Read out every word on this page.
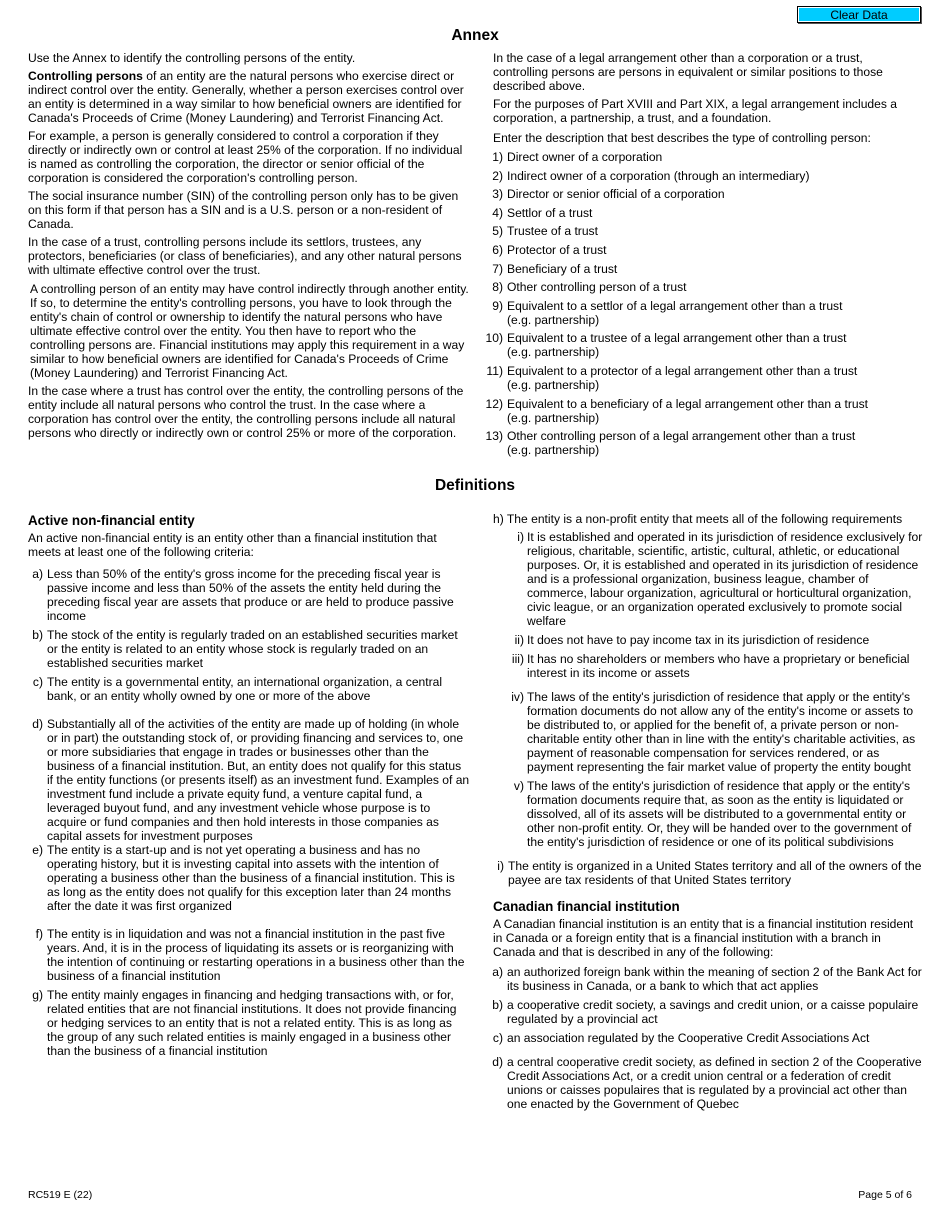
Clear Data
Annex

Use the Annex to identify the controlling persons of the entity.

Controlling persons of an entity are the natural persons who exercise direct or indirect control over the entity. Generally, whether a person exercises control over an entity is determined in a way similar to how beneficial owners are identified for Canada's Proceeds of Crime (Money Laundering) and Terrorist Financing Act.

For example, a person is generally considered to control a corporation if they directly or indirectly own or control at least 25% of the corporation. If no individual is named as controlling the corporation, the director or senior official of the corporation is considered the corporation's controlling person.

The social insurance number (SIN) of the controlling person only has to be given on this form if that person has a SIN and is a U.S. person or a non-resident of Canada.

In the case of a trust, controlling persons include its settlors, trustees, any protectors, beneficiaries (or class of beneficiaries), and any other natural persons with ultimate effective control over the trust.

A controlling person of an entity may have control indirectly through another entity. If so, to determine the entity's controlling persons, you have to look through the entity's chain of control or ownership to identify the natural persons who have ultimate effective control over the entity. You then have to report who the controlling persons are. Financial institutions may apply this requirement in a way similar to how beneficial owners are identified for Canada's Proceeds of Crime (Money Laundering) and Terrorist Financing Act.

In the case where a trust has control over the entity, the controlling persons of the entity include all natural persons who control the trust. In the case where a corporation has control over the entity, the controlling persons include all natural persons who directly or indirectly own or control 25% or more of the corporation.

In the case of a legal arrangement other than a corporation or a trust, controlling persons are persons in equivalent or similar positions to those described above.

For the purposes of Part XVIII and Part XIX, a legal arrangement includes a corporation, a partnership, a trust, and a foundation.

Enter the description that best describes the type of controlling person:

1) Direct owner of a corporation
2) Indirect owner of a corporation (through an intermediary)
3) Director or senior official of a corporation
4) Settlor of a trust
5) Trustee of a trust
6) Protector of a trust
7) Beneficiary of a trust
8) Other controlling person of a trust
9) Equivalent to a settlor of a legal arrangement other than a trust
(e.g. partnership)
10) Equivalent to a trustee of a legal arrangement other than a trust
(e.g. partnership)
11) Equivalent to a protector of a legal arrangement other than a trust
(e.g. partnership)
12) Equivalent to a beneficiary of a legal arrangement other than a trust
(e.g. partnership)
13) Other controlling person of a legal arrangement other than a trust
(e.g. partnership)
Definitions
Active non-financial entity

An active non-financial entity is an entity other than a financial institution that meets at least one of the following criteria:

a) Less than 50% of the entity's gross income for the preceding fiscal year is passive income and less than 50% of the assets the entity held during the preceding fiscal year are assets that produce or are held to produce passive income
b) The stock of the entity is regularly traded on an established securities market or the entity is related to an entity whose stock is regularly traded on an established securities market
c) The entity is a governmental entity, an international organization, a central bank, or an entity wholly owned by one or more of the above
d) Substantially all of the activities of the entity are made up of holding (in whole or in part) the outstanding stock of, or providing financing and services to, one or more subsidiaries that engage in trades or businesses other than the business of a financial institution. But, an entity does not qualify for this status if the entity functions (or presents itself) as an investment fund. Examples of an investment fund include a private equity fund, a venture capital fund, a leveraged buyout fund, and any investment vehicle whose purpose is to acquire or fund companies and then hold interests in those companies as capital assets for investment purposes
e) The entity is a start-up and is not yet operating a business and has no operating history, but it is investing capital into assets with the intention of operating a business other than the business of a financial institution. This is as long as the entity does not qualify for this exception later than 24 months after the date it was first organized
f) The entity is in liquidation and was not a financial institution in the past five years. And, it is in the process of liquidating its assets or is reorganizing with the intention of continuing or restarting operations in a business other than the business of a financial institution
g) The entity mainly engages in financing and hedging transactions with, or for, related entities that are not financial institutions. It does not provide financing or hedging services to an entity that is not a related entity. This is as long as the group of any such related entities is mainly engaged in a business other than the business of a financial institution

h) The entity is a non-profit entity that meets all of the following requirements

i) It is established and operated in its jurisdiction of residence exclusively for religious, charitable, scientific, artistic, cultural, athletic, or educational purposes. Or, it is established and operated in its jurisdiction of residence and is a professional organization, business league, chamber of commerce, labour organization, agricultural or horticultural organization, civic league, or an organization operated exclusively to promote social welfare
ii) It does not have to pay income tax in its jurisdiction of residence
iii) It has no shareholders or members who have a proprietary or beneficial interest in its income or assets
iv) The laws of the entity's jurisdiction of residence that apply or the entity's formation documents do not allow any of the entity's income or assets to be distributed to, or applied for the benefit of, a private person or non-charitable entity other than in line with the entity's charitable activities, as payment of reasonable compensation for services rendered, or as payment representing the fair market value of property the entity bought
v) The laws of the entity's jurisdiction of residence that apply or the entity's formation documents require that, as soon as the entity is liquidated or dissolved, all of its assets will be distributed to a governmental entity or other non-profit entity. Or, they will be handed over to the government of the entity's jurisdiction of residence or one of its political subdivisions
i) The entity is organized in a United States territory and all of the owners of the payee are tax residents of that United States territory
Canadian financial institution

A Canadian financial institution is an entity that is a financial institution resident in Canada or a foreign entity that is a financial institution with a branch in Canada and that is described in any of the following:

a) an authorized foreign bank within the meaning of section 2 of the Bank Act for its business in Canada, or a bank to which that act applies
b) a cooperative credit society, a savings and credit union, or a caisse populaire regulated by a provincial act
c) an association regulated by the Cooperative Credit Associations Act
d) a central cooperative credit society, as defined in section 2 of the Cooperative Credit Associations Act, or a credit union central or a federation of credit unions or caisses populaires that is regulated by a provincial act other than one enacted by the Government of Quebec
RC519 E (22)	Page 5 of 6
